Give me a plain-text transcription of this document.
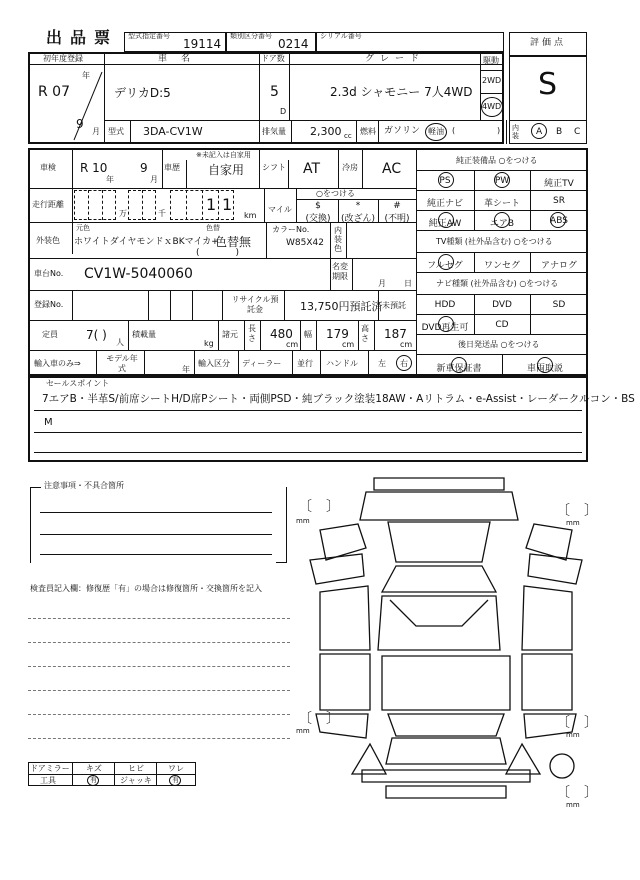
出品票 型式指定番号
19114
類別区分番号
0214
シリアル番号
評価点
S
初年度登録
R 07
年
9
月
車名
デリカD:5
ドア数
5
D
グレード
2.3d シャモニー 7人4WD
駆動
2WD
4WD
型式 3DA-CV1W	排気量 2,300 cc 燃料 ガソリン 軽油 (	) 内装 A B C
車検 R 10
年
9
月
車歴
※未記入は自家用
自家用 シフト AT	冷房 AC
走行距離
万	千	1 1
km
マイル
○をつける
$
(交換)
*
(改ざん)
#
(不明)
外装色
元色
ホワイトダイヤモンドｘBKマイカ+
色替
色替無
(　　　　)
カラーNo.
W85X42
内装色
車台No. CV1W-5040060	名変期限
月 日
登録No.
リサイクル預託金	13,750円預託済 未預託
定員 7( )
人
積載量
kg
諸元
長さ 480
cm
幅 179
cm
高さ 187
cm
輸入車のみ⇒
モデル年式	年
輸入区分 ディーラー 並行 ハンドル	左 右
純正装備品 ○をつける
PS	PW	純正TV
純正ナビ	革シート	SR
純正AW	エアB	ABS
TV種類 (社外品含む) ○をつける
フルセグ	ワンセグ	アナログ
ナビ種類 (社外品含む) ○をつける
HDD	DVD	SD
DVD再生可	CD
後日発送品 ○をつける
新車保証書	車両取説
セールスポイント
7エアB・半革S/前席シートH/D席Pシート・両側PSD・純ブラック塗装18AW・Aリトラム・e-Assist・レーダークルコン・BS
M
注意事項・不具合箇所
検査員記入欄：修復歴「有」の場合は修復箇所・交換箇所を記入
ドアミラー キズ	ヒビ	ワレ
工具	有	ジャッキ	有
〔　〕
mm
〔　〕
mm
〔　〕
mm	〔　〕
mm
〔　〕
mm
